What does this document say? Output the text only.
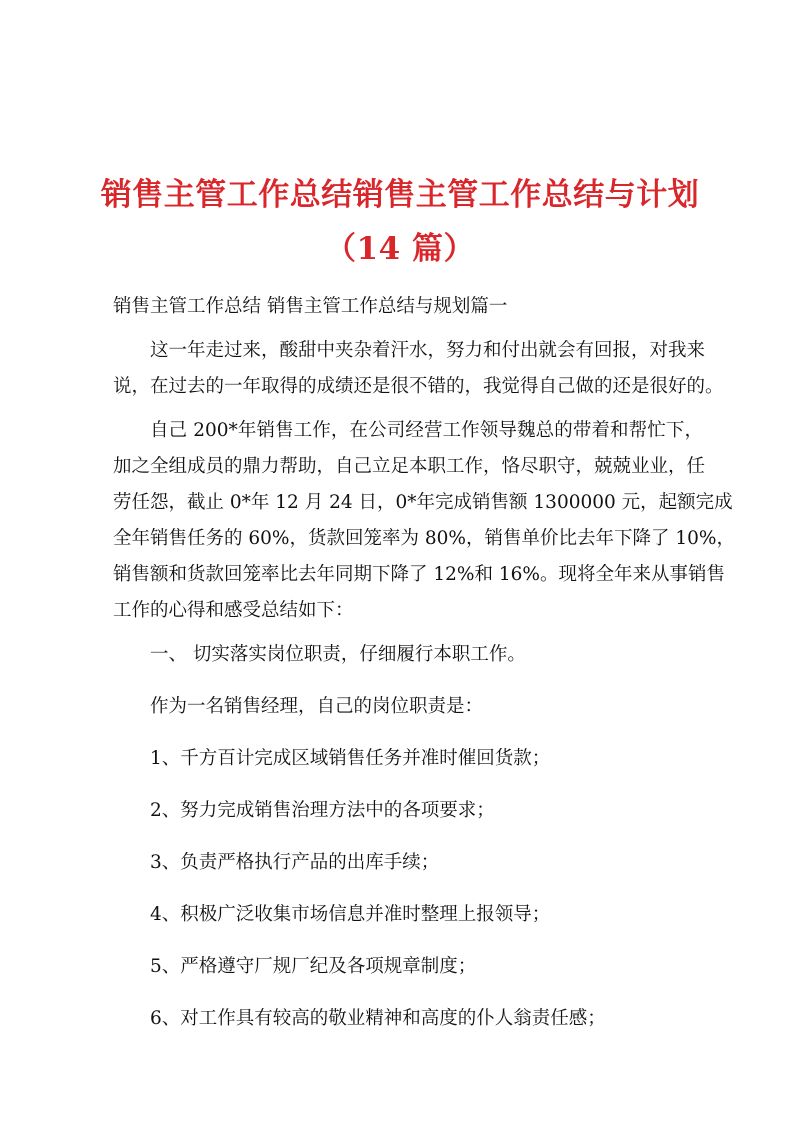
销售主管工作总结销售主管工作总结与计划
（14 篇）

销售主管工作总结 销售主管工作总结与规划篇一

这一年走过来，酸甜中夹杂着汗水，努力和付出就会有回报，对我来
说，在过去的一年取得的成绩还是很不错的，我觉得自己做的还是很好的。

自己 200*年销售工作，在公司经营工作领导魏总的带着和帮忙下，
加之全组成员的鼎力帮助，自己立足本职工作，恪尽职守，兢兢业业，任
劳任怨，截止 0*年 12 月 24 日，0*年完成销售额 1300000 元，起额完成
全年销售任务的 60%，货款回笼率为 80%，销售单价比去年下降了 10%，
销售额和货款回笼率比去年同期下降了 12%和 16%。现将全年来从事销售
工作的心得和感受总结如下：

一、 切实落实岗位职责，仔细履行本职工作。

作为一名销售经理，自己的岗位职责是：

1、千方百计完成区域销售任务并准时催回货款；

2、努力完成销售治理方法中的各项要求；

3、负责严格执行产品的出库手续；

4、积极广泛收集市场信息并准时整理上报领导；

5、严格遵守厂规厂纪及各项规章制度；

6、对工作具有较高的敬业精神和高度的仆人翁责任感；
